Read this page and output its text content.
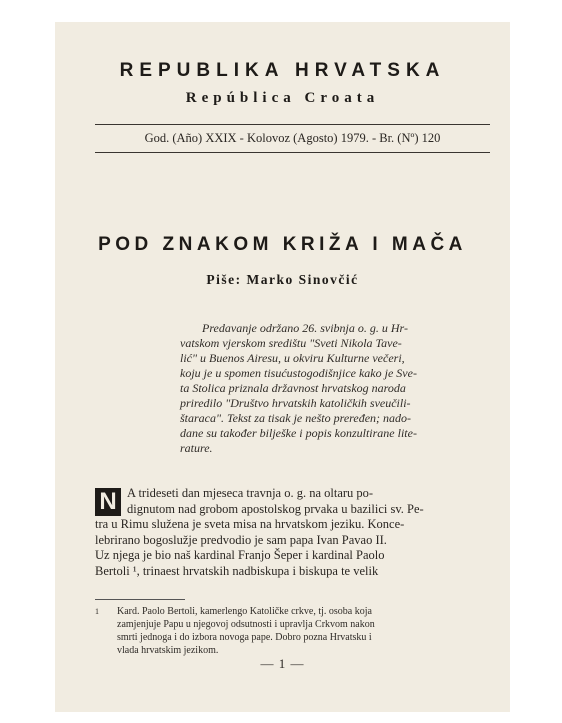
REPUBLIKA HRVATSKA
República Croata
God. (Año) XXIX - Kolovoz (Agosto) 1979. - Br. (Nº) 120
POD ZNAKOM KRIŽA I MAČA
Piše: Marko Sinovčić
Predavanje održano 26. svibnja o. g. u Hr-
vatskom vjerskom središtu "Sveti Nikola Tave-
lić" u Buenos Airesu, u okviru Kulturne večeri,
koju je u spomen tisućustogodišnjice kako je Sve-
ta Stolica priznala državnost hrvatskog naroda
priredilo "Društvo hrvatskih katoličkih sveučili-
štaraca". Tekst za tisak je nešto preređen; nado-
dane su također bilješke i popis konzultirane lite-
rature.
N A trideseti dan mjeseca travnja o. g. na oltaru po-
dignutom nad grobom apostolskog prvaka u bazilici sv. Pe-
tra u Rimu služena je sveta misa na hrvatskom jeziku. Konce-
lebrirano bogoslužje predvodio je sam papa Ivan Pavao II.
Uz njega je bio naš kardinal Franjo Šeper i kardinal Paolo
Bertoli ¹, trinaest hrvatskih nadbiskupa i biskupa te velik
1	Kard. Paolo Bertoli, kamerlengo Katoličke crkve, tj. osoba koja
zamjenjuje Papu u njegovoj odsutnosti i upravlja Crkvom nakon
smrti jednoga i do izbora novoga pape. Dobro pozna Hrvatsku i
vlada hrvatskim jezikom.
— 1 —
